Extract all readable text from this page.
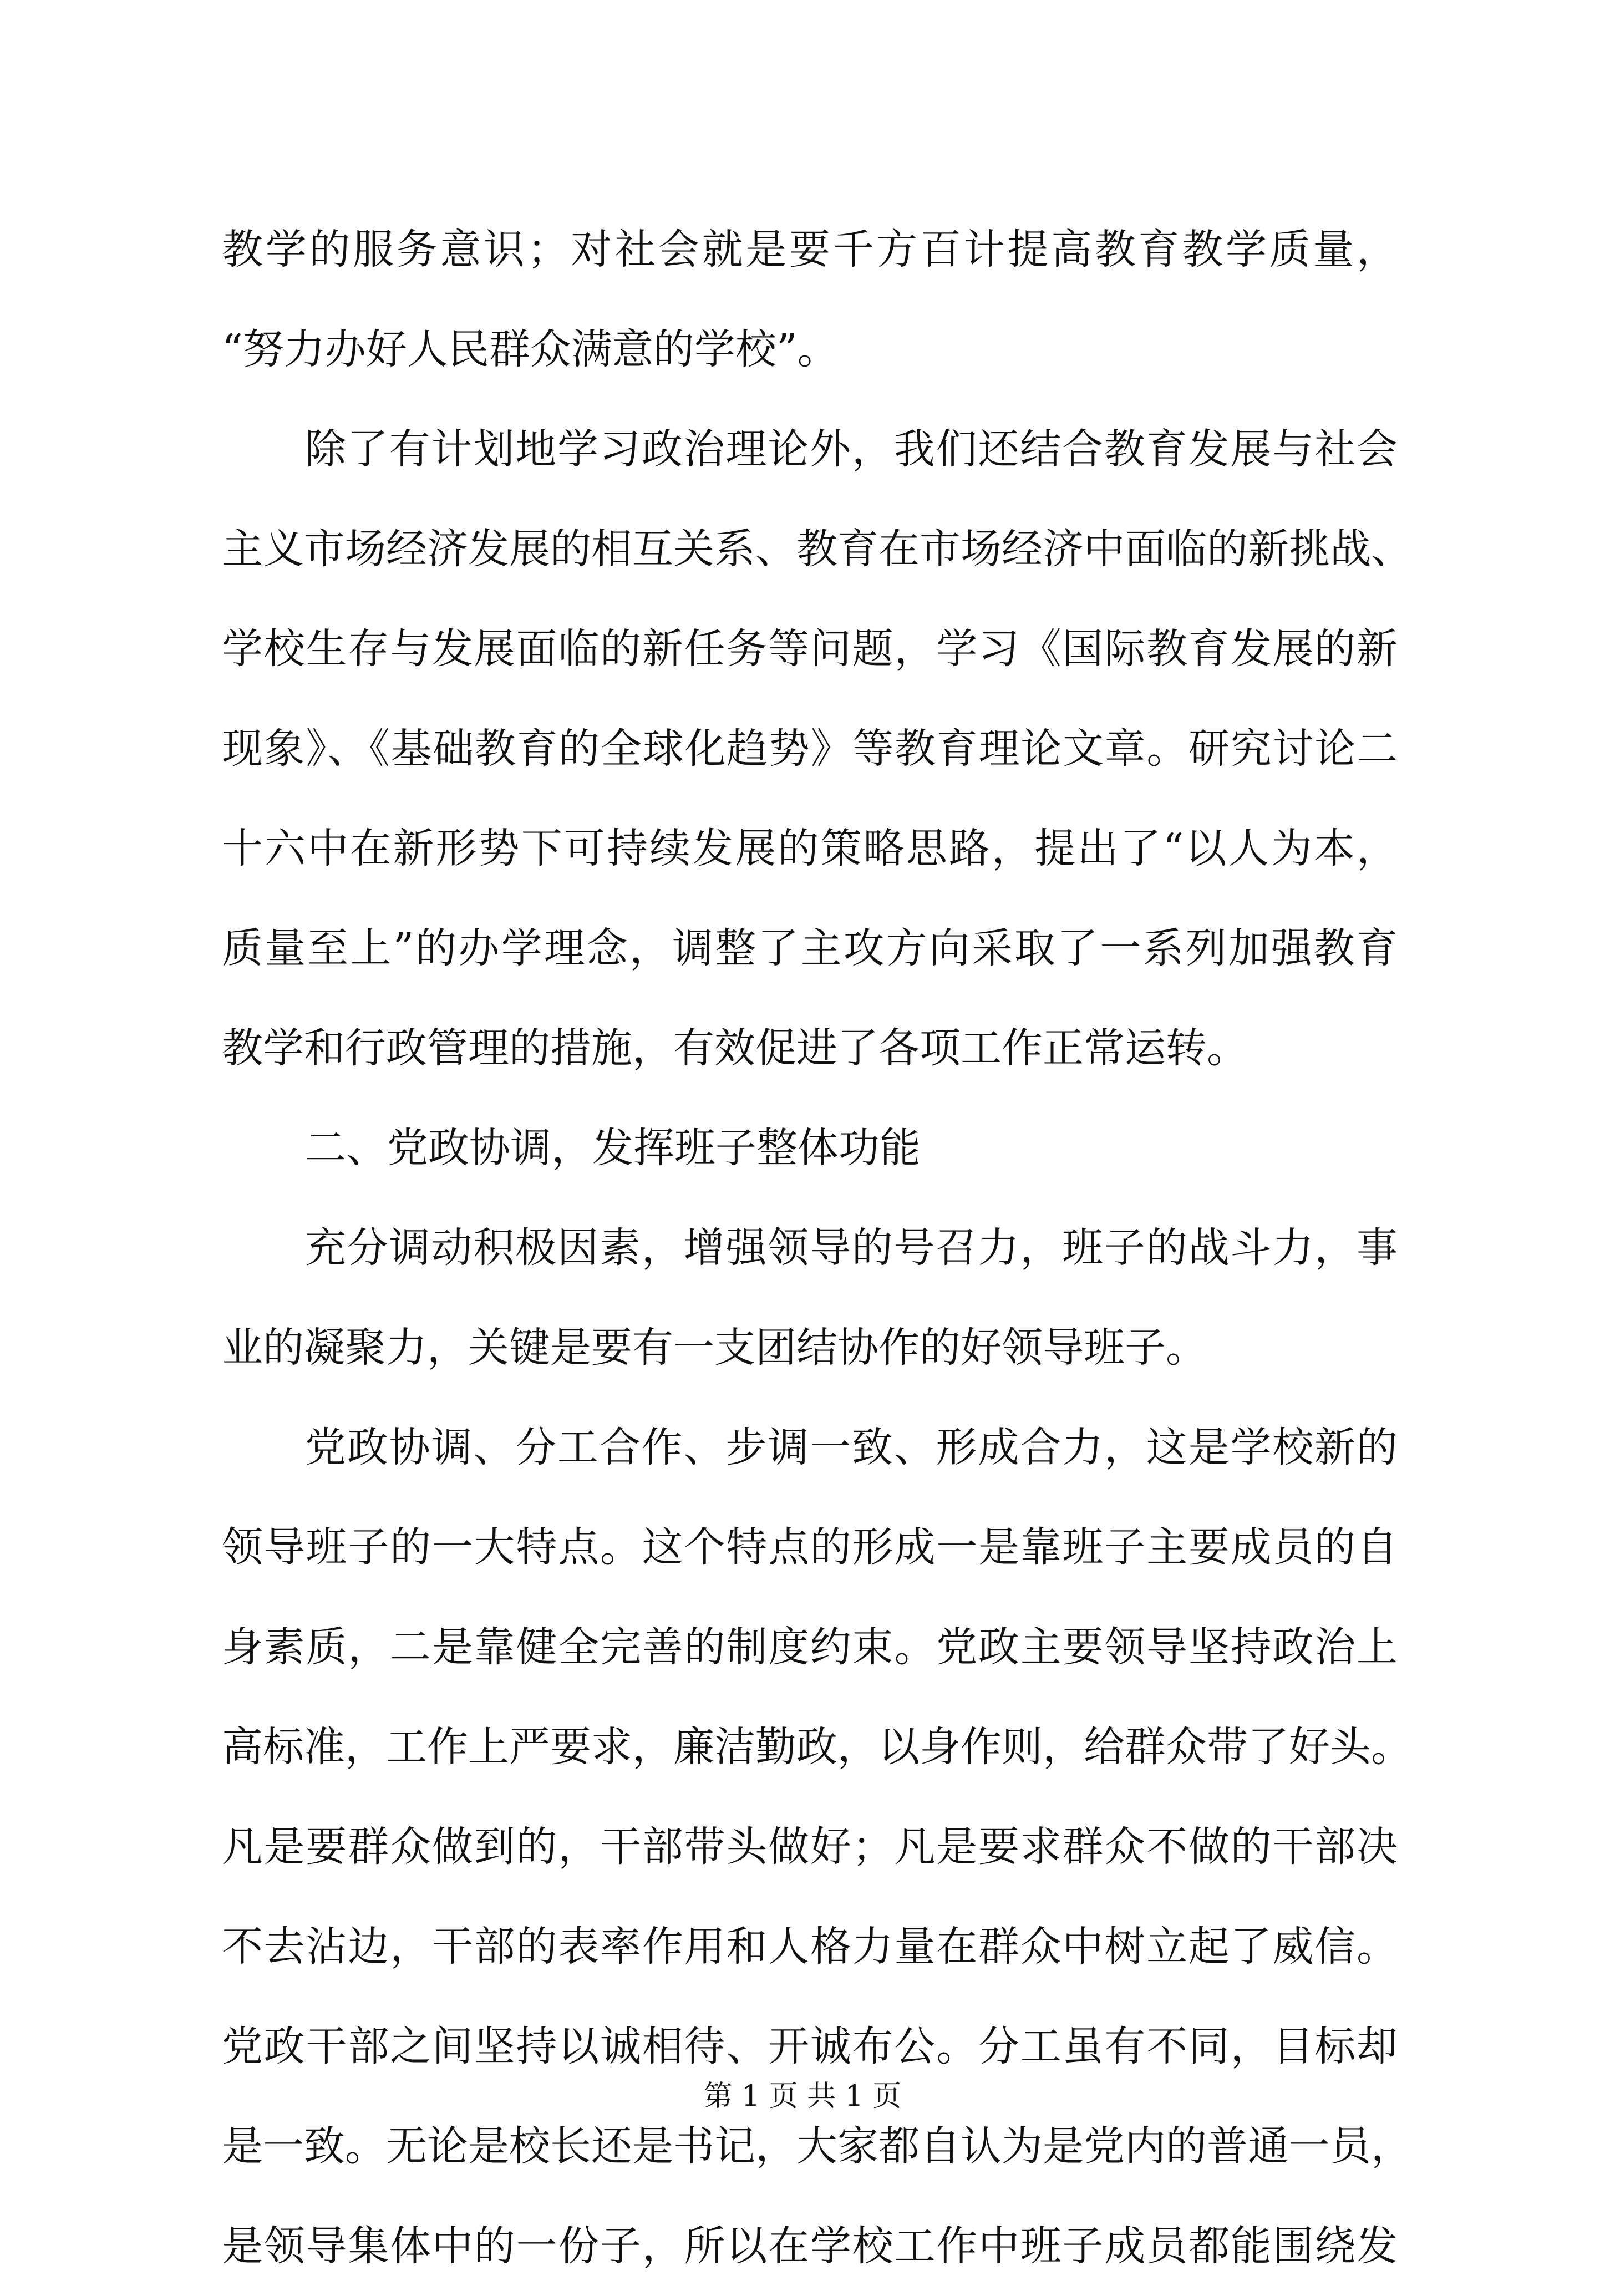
教学的服务意识；对社会就是要千方百计提高教育教学质量，

“努力办好人民群众满意的学校”。

除了有计划地学习政治理论外，我们还结合教育发展与社会

主义市场经济发展的相互关系、教育在市场经济中面临的新挑战、

学校生存与发展面临的新任务等问题，学习《国际教育发展的新

现象》、《基础教育的全球化趋势》等教育理论文章。研究讨论二

十六中在新形势下可持续发展的策略思路，提出了“以人为本，

质量至上”的办学理念，调整了主攻方向采取了一系列加强教育

教学和行政管理的措施，有效促进了各项工作正常运转。

二、党政协调，发挥班子整体功能

充分调动积极因素，增强领导的号召力，班子的战斗力，事

业的凝聚力，关键是要有一支团结协作的好领导班子。

党政协调、分工合作、步调一致、形成合力，这是学校新的

领导班子的一大特点。这个特点的形成一是靠班子主要成员的自

身素质，二是靠健全完善的制度约束。党政主要领导坚持政治上

高标准，工作上严要求，廉洁勤政，以身作则，给群众带了好头。

凡是要群众做到的，干部带头做好；凡是要求群众不做的干部决

不去沾边，干部的表率作用和人格力量在群众中树立起了威信。

党政干部之间坚持以诚相待、开诚布公。分工虽有不同，目标却

是一致。无论是校长还是书记，大家都自认为是党内的普通一员，

是领导集体中的一份子，所以在学校工作中班子成员都能围绕发

第 1 页 共 1 页
